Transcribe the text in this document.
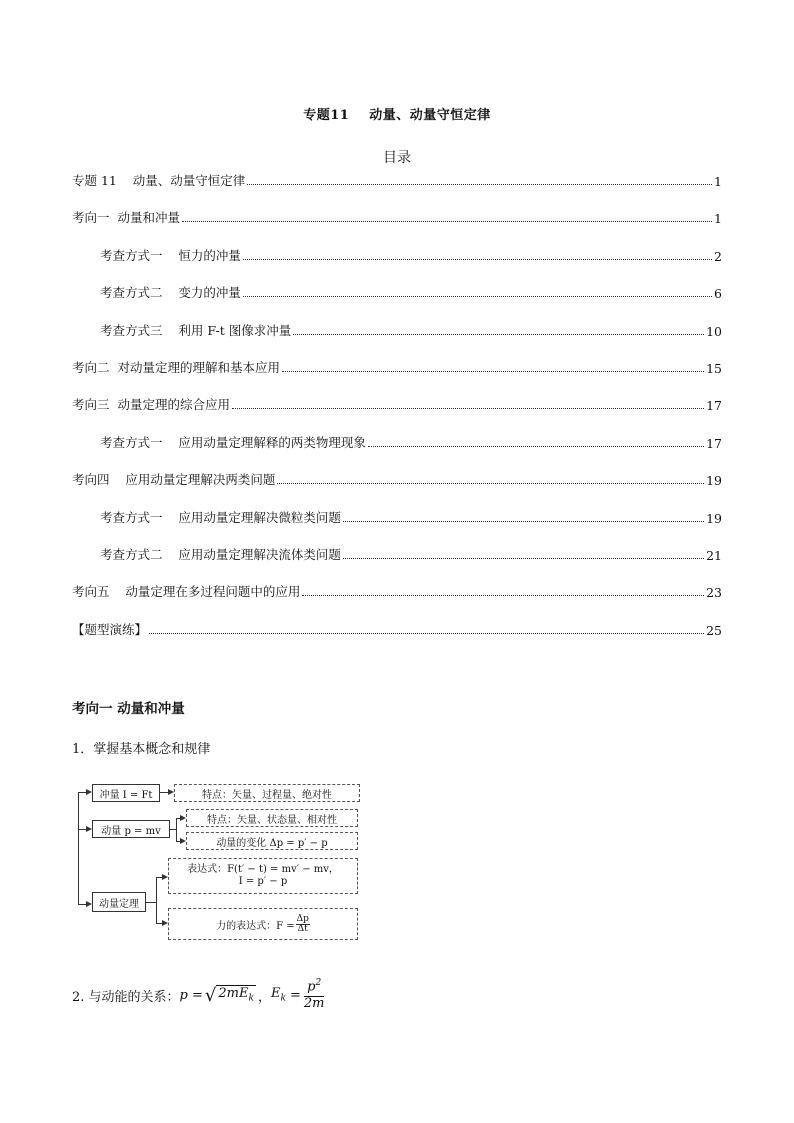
专题11 动量、动量守恒定律
目录
专题 11    动量、动量守恒定律	1
考向一  动量和冲量	1
考查方式一    恒力的冲量	2
考查方式二    变力的冲量	6
考查方式三    利用 F-t 图像求冲量	10
考向二  对动量定理的理解和基本应用	15
考向三  动量定理的综合应用	17
考查方式一    应用动量定理解释的两类物理现象	17
考向四    应用动量定理解决两类问题	19
考查方式一    应用动量定理解决微粒类问题	19
考查方式二    应用动量定理解决流体类问题	21
考向五    动量定理在多过程问题中的应用	23
【题型演练】	25
考向一 动量和冲量
1．掌握基本概念和规律
冲量 I = Ft	特点：矢量、过程量、绝对性
动量 p = mv
特点：矢量、状态量、相对性
动量的变化 Δp = p′ − p
动量定理
表达式：F(t′ − t) = mv′ − mv，
I = p′ − p
力的表达式：$F = \frac{\Delta p}{\Delta t}$
2. 与动能的关系： p = √ $2mE_k$ ， $E_k = \frac{p^2}{2m}$
